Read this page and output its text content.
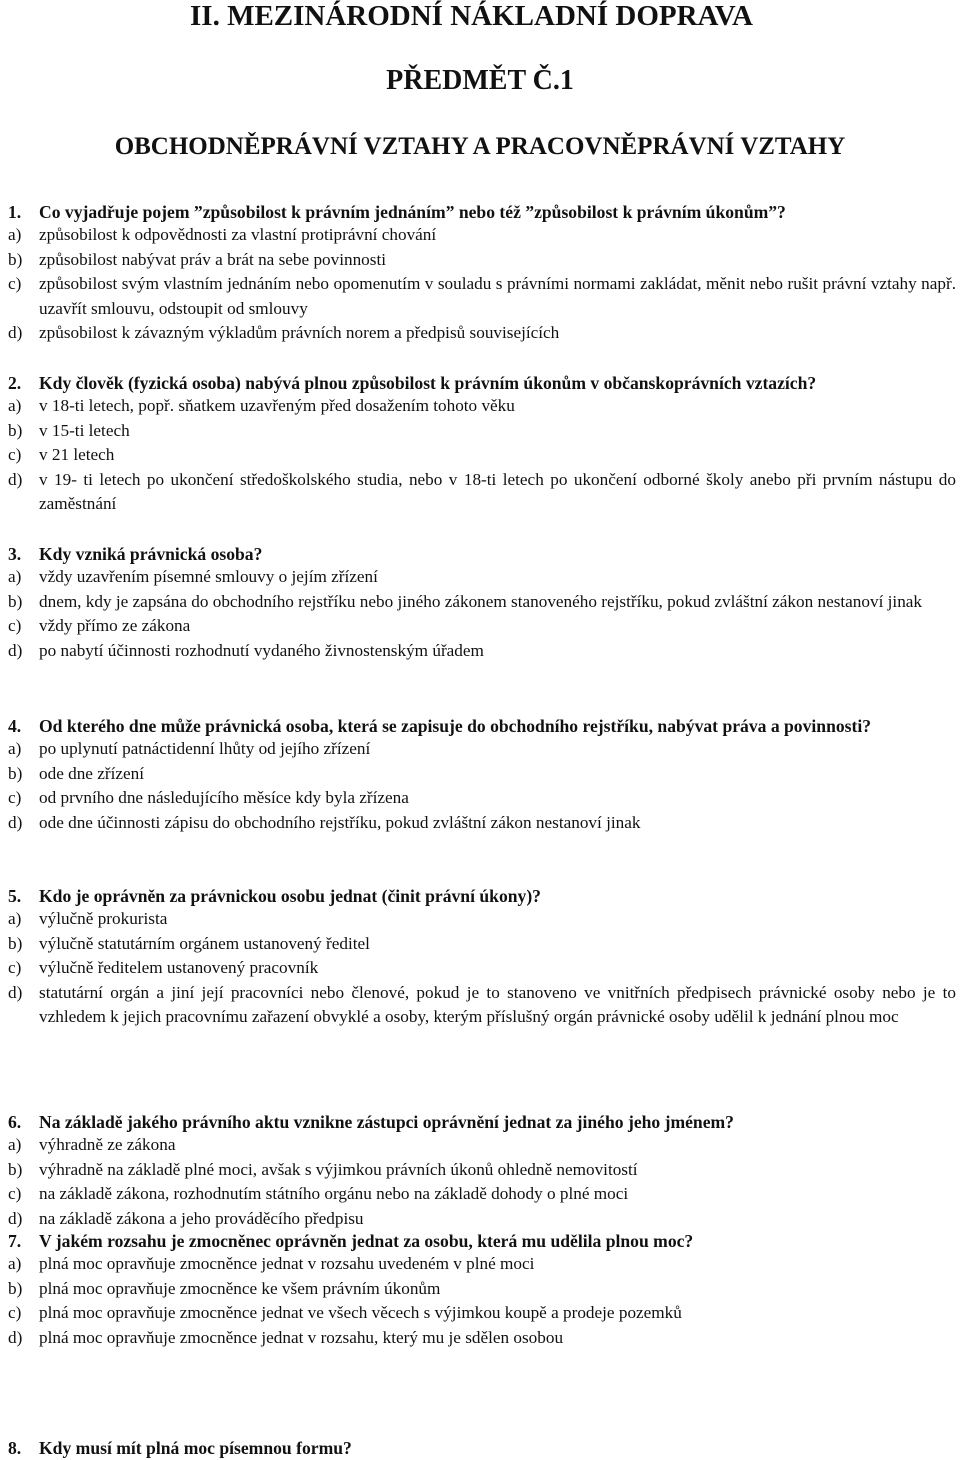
II. MEZINÁRODNÍ NÁKLADNÍ DOPRAVA
PŘEDMĚT Č.1
OBCHODNĚPRÁVNÍ VZTAHY A PRACOVNĚPRÁVNÍ VZTAHY
1.	Co vyjadřuje pojem ”způsobilost k právním jednáním” nebo též ”způsobilost k právním úkonům”?
a)	způsobilost k odpovědnosti za vlastní protiprávní chování
b) způsobilost nabývat práv a brát na sebe povinnosti
c)	způsobilost svým vlastním jednáním nebo opomenutím v souladu s právními normami zakládat, měnit nebo rušit právní vztahy např. uzavřít smlouvu, odstoupit od smlouvy
d) způsobilost k závazným výkladům právních norem a předpisů souvisejících
2.	Kdy člověk (fyzická osoba) nabývá plnou způsobilost k právním úkonům v občanskoprávních vztazích?
a)	v 18-ti letech, popř. sňatkem uzavřeným před dosažením tohoto věku
b) v 15-ti letech
c)	v 21 letech
d) v 19- ti letech po ukončení středoškolského studia, nebo v 18-ti letech po ukončení odborné školy anebo při prvním nástupu do zaměstnání
3.	Kdy vzniká právnická osoba?
a)	vždy uzavřením písemné smlouvy o jejím zřízení
b) dnem, kdy je zapsána do obchodního rejstříku nebo jiného zákonem stanoveného rejstříku, pokud zvláštní zákon nestanoví jinak
c)	vždy přímo ze zákona
d) po nabytí účinnosti rozhodnutí vydaného živnostenským úřadem
4.	Od kterého dne může právnická osoba, která se zapisuje do obchodního rejstříku, nabývat práva a povinnosti?
a)	po uplynutí patnáctidenní lhůty od jejího zřízení
b) ode dne zřízení
c)	od prvního dne následujícího měsíce kdy byla zřízena
d) ode dne účinnosti zápisu do obchodního rejstříku, pokud zvláštní zákon nestanoví jinak
5.	Kdo je oprávněn za právnickou osobu jednat (činit právní úkony)?
a)	výlučně prokurista
b) výlučně statutárním orgánem ustanovený ředitel
c)	výlučně ředitelem ustanovený pracovník
d) statutární orgán a jiní její pracovníci nebo členové, pokud je to stanoveno ve vnitřních předpisech právnické osoby nebo je to vzhledem k jejich pracovnímu zařazení obvyklé a osoby, kterým příslušný orgán právnické osoby udělil k jednání plnou moc
6.	Na základě jakého právního aktu vznikne zástupci oprávnění jednat za jiného jeho jménem?
a)	výhradně ze zákona
b) výhradně na základě plné moci, avšak s výjimkou právních úkonů ohledně nemovitostí
c)	na základě zákona, rozhodnutím státního orgánu nebo na základě dohody o plné moci
d) na základě zákona a jeho prováděcího předpisu
7.	V jakém rozsahu je zmocněnec oprávněn jednat za osobu, která mu udělila plnou moc?
a)	plná moc opravňuje zmocněnce jednat v rozsahu uvedeném v plné moci
b) plná moc opravňuje zmocněnce ke všem právním úkonům
c)	plná moc opravňuje zmocněnce jednat ve všech věcech s výjimkou koupě a prodeje pozemků
d) plná moc opravňuje zmocněnce jednat v rozsahu, který mu je sdělen osobou
8.	Kdy musí mít plná moc písemnou formu?
